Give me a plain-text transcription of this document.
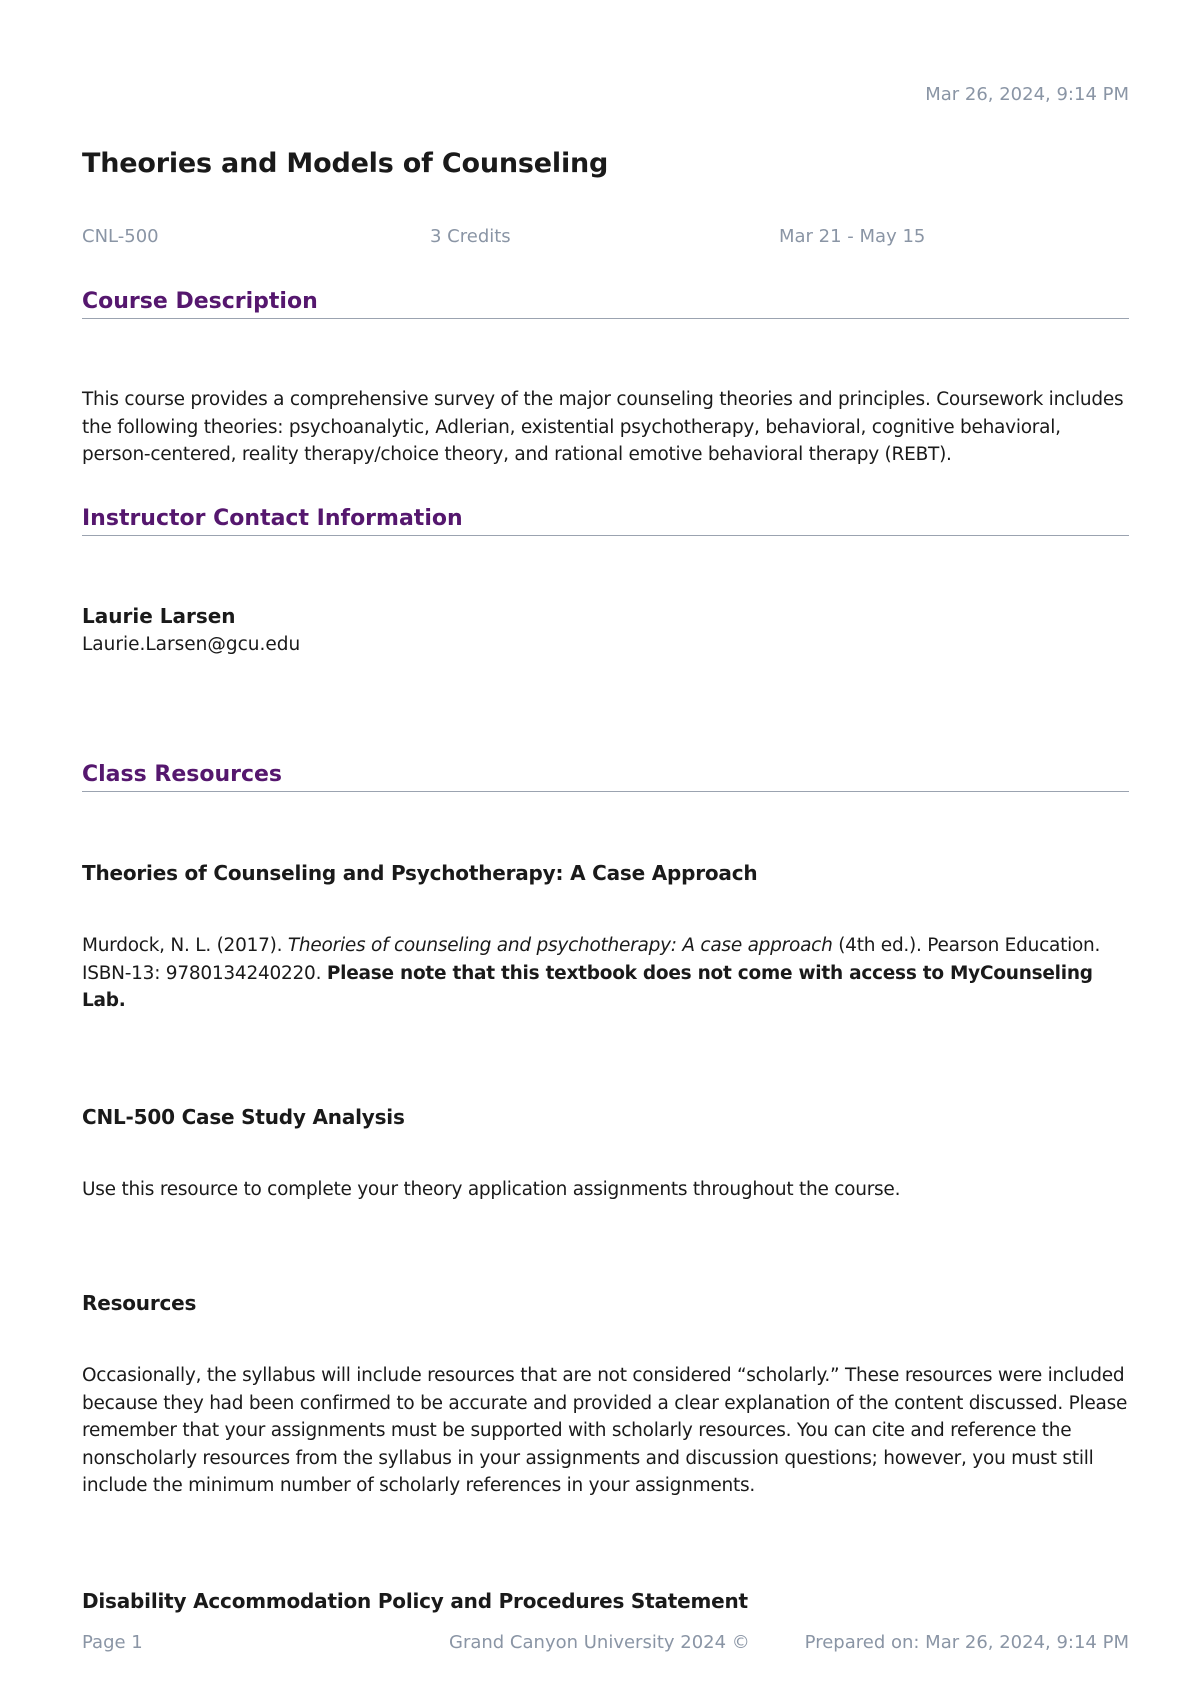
Mar 26, 2024, 9:14 PM
Theories and Models of Counseling
CNL-500	3 Credits	Mar 21 - May 15
Course Description
This course provides a comprehensive survey of the major counseling theories and principles. Coursework includes the following theories: psychoanalytic, Adlerian, existential psychotherapy, behavioral, cognitive behavioral, person-centered, reality therapy/choice theory, and rational emotive behavioral therapy (REBT).
Instructor Contact Information
Laurie Larsen
Laurie.Larsen@gcu.edu
Class Resources
Theories of Counseling and Psychotherapy: A Case Approach
Murdock, N. L. (2017). Theories of counseling and psychotherapy: A case approach (4th ed.). Pearson Education. ISBN-13: 9780134240220. Please note that this textbook does not come with access to MyCounseling Lab.
CNL-500 Case Study Analysis
Use this resource to complete your theory application assignments throughout the course.
Resources
Occasionally, the syllabus will include resources that are not considered “scholarly.” These resources were included because they had been confirmed to be accurate and provided a clear explanation of the content discussed. Please remember that your assignments must be supported with scholarly resources. You can cite and reference the nonscholarly resources from the syllabus in your assignments and discussion questions; however, you must still include the minimum number of scholarly references in your assignments.
Disability Accommodation Policy and Procedures Statement
Page 1	Grand Canyon University 2024 ©	Prepared on: Mar 26, 2024, 9:14 PM
